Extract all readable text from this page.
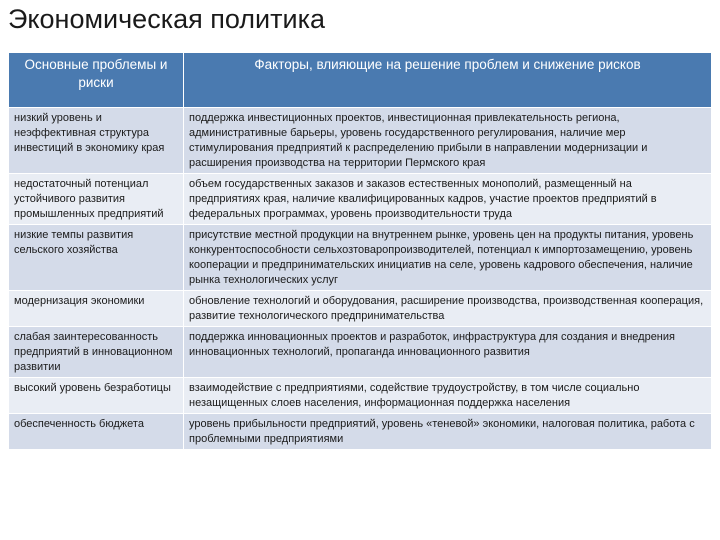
Экономическая политика
Основные проблемы и риски	Факторы, влияющие на решение проблем и снижение рисков
низкий уровень и неэффективная структура инвестиций в экономику края	поддержка инвестиционных проектов, инвестиционная привлекательность региона, административные барьеры, уровень государственного регулирования, наличие мер стимулирования предприятий к распределению прибыли в направлении модернизации и расширения производства на территории Пермского края
недостаточный потенциал устойчивого развития промышленных предприятий	объем государственных заказов и заказов естественных монополий, размещенный на предприятиях края, наличие квалифицированных кадров, участие проектов предприятий в федеральных программах, уровень производительности труда
низкие темпы развития сельского хозяйства	присутствие местной продукции на внутреннем рынке, уровень цен на продукты питания, уровень конкурентоспособности сельхозтоваропроизводителей, потенциал к импортозамещению, уровень кооперации и предпринимательских инициатив на селе, уровень кадрового обеспечения, наличие рынка технологических услуг
модернизация экономики	обновление технологий и оборудования, расширение производства, производственная кооперация, развитие технологического предпринимательства
слабая заинтересованность предприятий в инновационном развитии	поддержка инновационных проектов и разработок, инфраструктура для создания и внедрения инновационных технологий, пропаганда инновационного развития
высокий уровень безработицы	взаимодействие с предприятиями, содействие трудоустройству, в том числе социально незащищенных слоев населения, информационная поддержка населения
обеспеченность бюджета	уровень прибыльности предприятий, уровень «теневой» экономики, налоговая политика, работа с проблемными предприятиями
